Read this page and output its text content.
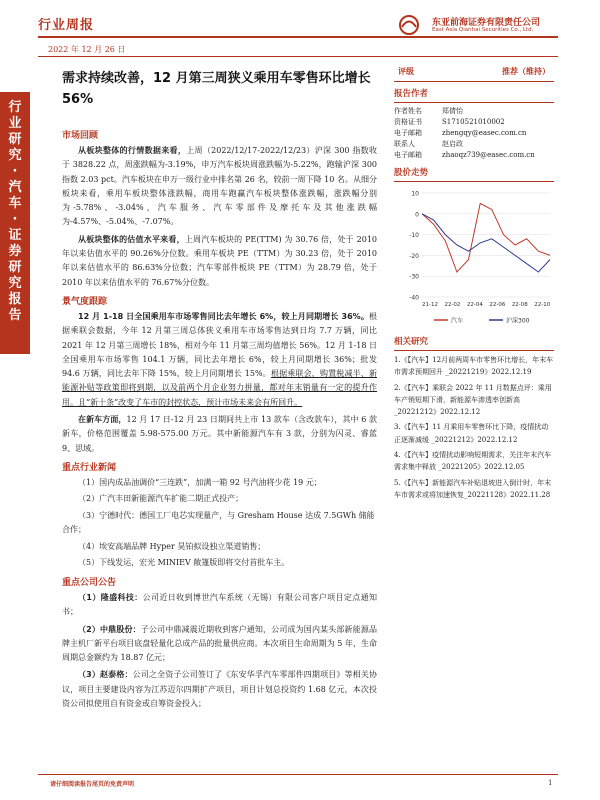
行业周报
2022 年 12 月 26 日
东亚前海证券有限责任公司
East Asia Qianhai Securities Co., Ltd.
行业研究·汽车·证券研究报告
需求持续改善，12 月第三周狭义乘用车零售环比增长 56%
市场回顾

从板块整体的行情数据来看，上周（2022/12/17-2022/12/23）沪深 300 指数收于 3828.22 点，周涨跌幅为-3.19%，申万汽车板块周涨跌幅为-5.22%，跑输沪深 300 指数 2.03 pct。汽车板块在申万一级行业中排名第 26 名，较前一周下降 10 名。从细分板块来看，乘用车板块整体涨跌幅，商用车跑赢汽车板块整体涨跌幅，涨跌幅分别为-5.78%、-3.04%，汽车服务、汽车零部件及摩托车及其他涨跌幅为-4.57%、-5.04%、-7.07%。

从板块整体的估值水平来看，上周汽车板块的 PE(TTM) 为 30.76 倍，处于 2010 年以来估值水平的 90.26%分位数。乘用车板块 PE（TTM）为 30.23 倍，处于 2010 年以来估值水平的 86.63%分位数；汽车零部件板块 PE（TTM）为 28.79 倍，处于 2010 年以来估值水平的 76.67%分位数。

景气度跟踪

12 月 1-18 日全国乘用车市场零售同比去年增长 6%，较上月同期增长 36%。根据乘联会数据，今年 12 月第三周总体狭义乘用车市场零售达到日均 7.7 万辆，同比 2021 年 12 月第三周增长 18%，相对今年 11 月第三周均值增长 56%。12 月 1-18 日全国乘用车市场零售 104.1 万辆，同比去年增长 6%，较上月同期增长 36%；批发 94.6 万辆，同比去年下降 15%，较上月同期增长 15%。根据乘联会，购置税减半、新能源补贴等政策即将到期，以及前两个月企业努力拼量，都对年末销量有一定的提升作用。且“新十条”改变了车市的封控状态，预计市场未来会有所回升。

在新车方面，12 月 17 日-12 月 23 日期间共上市 13 款车（含改款车），其中 6 款新车，价格范围覆盖 5.98-575.00 万元。其中新能源汽车有 3 款，分别为闪灵、睿蓝 9、思域。

重点行业新闻
（1）国内成品油调价“三连跌”，加满一箱 92 号汽油将少花 19 元；
（2）广汽丰田新能源汽车扩能二期正式投产；
（3）宁德时代：德国工厂电芯实现量产，与 Gresham House 达成 7.5GWh 储能合作；
（4）埃安高端品牌 Hyper 昊铂拟设独立渠道销售；
（5）下线发运，宏光 MINIEV 敞篷版即将交付首批车主。
重点公司公告

（1）隆盛科技：公司近日收到博世汽车系统（无锡）有限公司客户项目定点通知书；

（2）中鼎股份：子公司中鼎减震近期收到客户通知，公司成为国内某头部新能源品牌主机厂新平台项目底盘轻量化总成产品的批量供应商。本次项目生命周期为 5 年，生命周期总金额约为 18.87 亿元；

（3）赵泰格：公司之全资子公司签订了《东安华孚汽车零部件四期项目》等相关协议，项目主要建设内容为江苏迈尔四期扩产项目，项目计划总投资约 1.68 亿元，本次投资公司拟使用自有资金或自筹资金投入；

评级	推荐（维持）
报告作者
作者姓名	郑倩怡
资格证书	S1710521010002
电子邮箱	zhengqy@easec.com.cn
联系人	赵启政
电子邮箱	zhaoqz739@easec.com.cn
股价走势
10
0
-10
-20
-30
-40
21-12 22-02 22-04 22-06 22-08 22-10
汽车	沪深300
相关研究
1.《【汽车】12月前两周车市零售环比增长，年末车市需求预期回升 _20221219》2022.12.19
2.《【汽车】乘联会 2022 年 11 月数据点评：乘用车产销短期下滑，新能源车渗透率创新高_20221212》2022.12.12
3.《【汽车】11 月乘用车零售环比下降，疫情扰动正逐渐减缓 _20221212》2022.12.12
4.《【汽车】疫情扰动影响短期需求，关注年末汽车需求集中释放 _20221205》2022.12.05
5.《【汽车】新能源汽车补贴退坡进入倒计时，年末车市需求或将加速恢复_20221128》2022.11.28
请仔细阅读报告尾页的免责声明	1
